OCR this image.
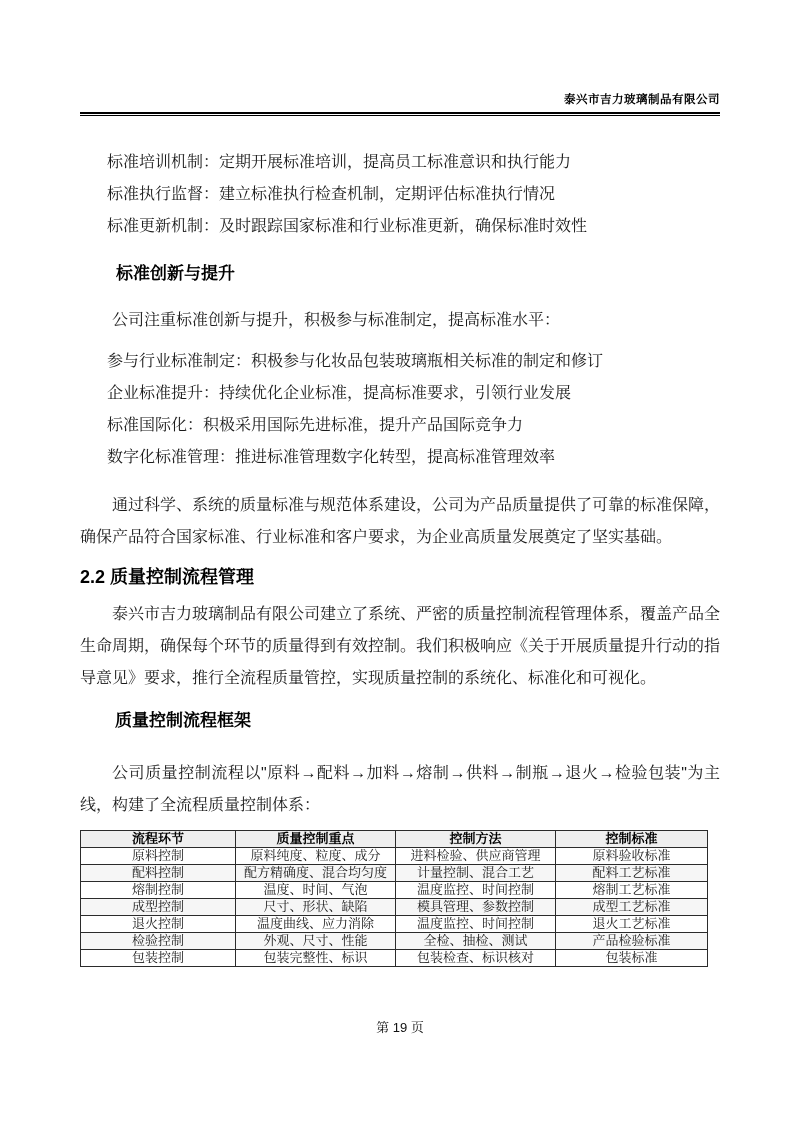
泰兴市吉力玻璃制品有限公司

标准培训机制：定期开展标准培训，提高员工标准意识和执行能力

标准执行监督：建立标准执行检查机制，定期评估标准执行情况

标准更新机制：及时跟踪国家标准和行业标准更新，确保标准时效性

标准创新与提升

公司注重标准创新与提升，积极参与标准制定，提高标准水平：

参与行业标准制定：积极参与化妆品包装玻璃瓶相关标准的制定和修订

企业标准提升：持续优化企业标准，提高标准要求，引领行业发展

标准国际化：积极采用国际先进标准，提升产品国际竞争力

数字化标准管理：推进标准管理数字化转型，提高标准管理效率

通过科学、系统的质量标准与规范体系建设，公司为产品质量提供了可靠的标准保障，确保产品符合国家标准、行业标准和客户要求，为企业高质量发展奠定了坚实基础。

2.2 质量控制流程管理

泰兴市吉力玻璃制品有限公司建立了系统、严密的质量控制流程管理体系，覆盖产品全生命周期，确保每个环节的质量得到有效控制。我们积极响应《关于开展质量提升行动的指导意见》要求，推行全流程质量管控，实现质量控制的系统化、标准化和可视化。

质量控制流程框架

公司质量控制流程以"原料→配料→加料→熔制→供料→制瓶→退火→检验包装"为主线，构建了全流程质量控制体系：

流程环节	质量控制重点	控制方法	控制标准
原料控制	原料纯度、粒度、成分	进料检验、供应商管理	原料验收标准
配料控制	配方精确度、混合均匀度	计量控制、混合工艺	配料工艺标准
熔制控制	温度、时间、气泡	温度监控、时间控制	熔制工艺标准
成型控制	尺寸、形状、缺陷	模具管理、参数控制	成型工艺标准
退火控制	温度曲线、应力消除	温度监控、时间控制	退火工艺标准
检验控制	外观、尺寸、性能	全检、抽检、测试	产品检验标准
包装控制	包装完整性、标识	包装检查、标识核对	包装标准
第 19 页
